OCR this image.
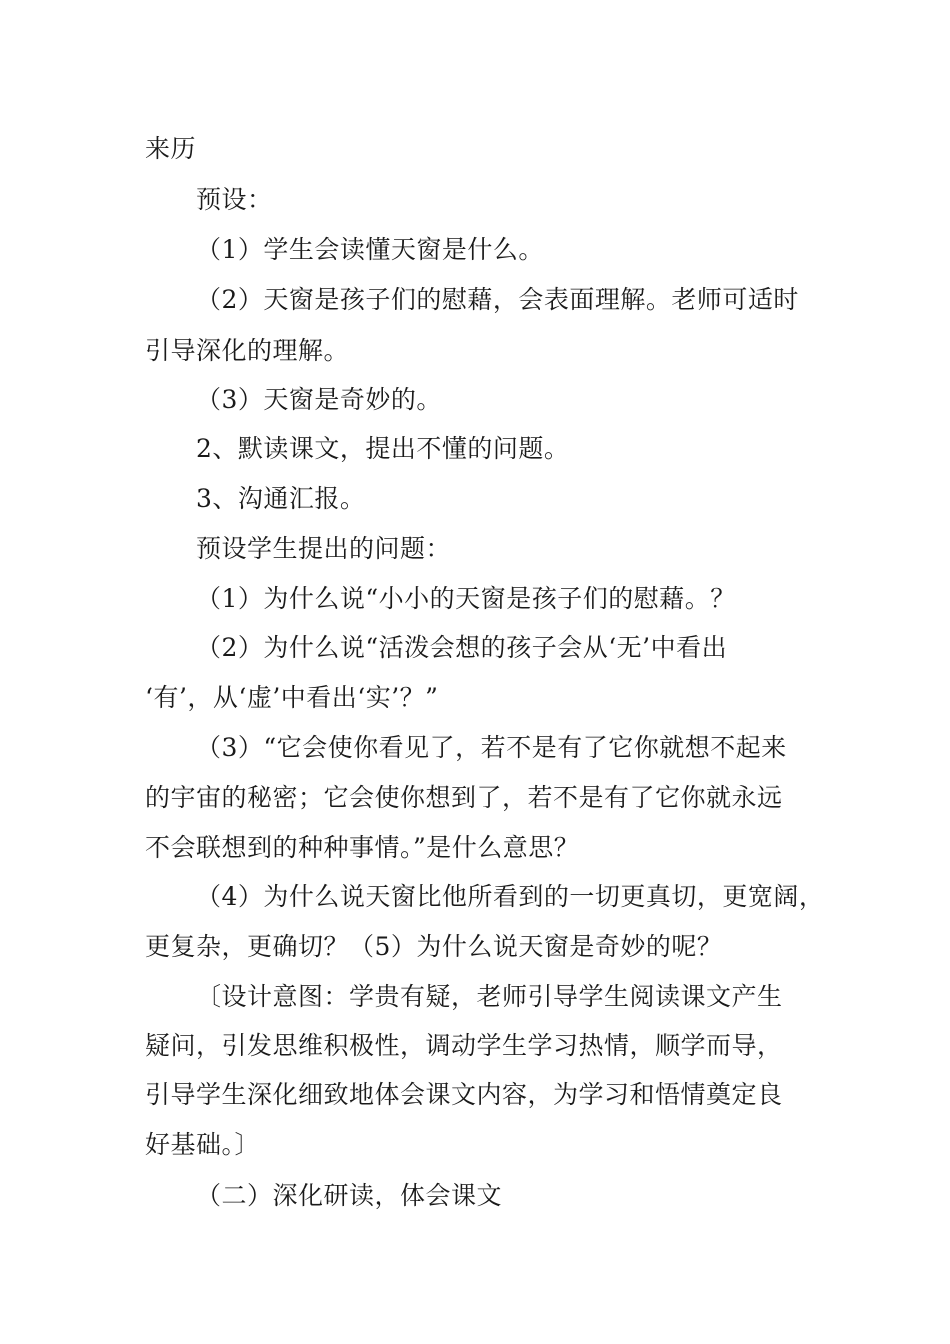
来历
预设：
（1）学生会读懂天窗是什么。
（2）天窗是孩子们的慰藉，会表面理解。老师可适时
引导深化的理解。
（3）天窗是奇妙的。
2、默读课文，提出不懂的问题。
3、沟通汇报。
预设学生提出的问题：
（1）为什么说“小小的天窗是孩子们的慰藉。？
（2）为什么说“活泼会想的孩子会从‘无’中看出
‘有’，从‘虚’中看出‘实’？”
（3）“它会使你看见了，若不是有了它你就想不起来
的宇宙的秘密；它会使你想到了，若不是有了它你就永远
不会联想到的种种事情。”是什么意思？
（4）为什么说天窗比他所看到的一切更真切，更宽阔，
更复杂，更确切？（5）为什么说天窗是奇妙的呢？
〔设计意图：学贵有疑，老师引导学生阅读课文产生
疑问，引发思维积极性，调动学生学习热情，顺学而导，
引导学生深化细致地体会课文内容，为学习和悟情奠定良
好基础。〕
（二）深化研读，体会课文
